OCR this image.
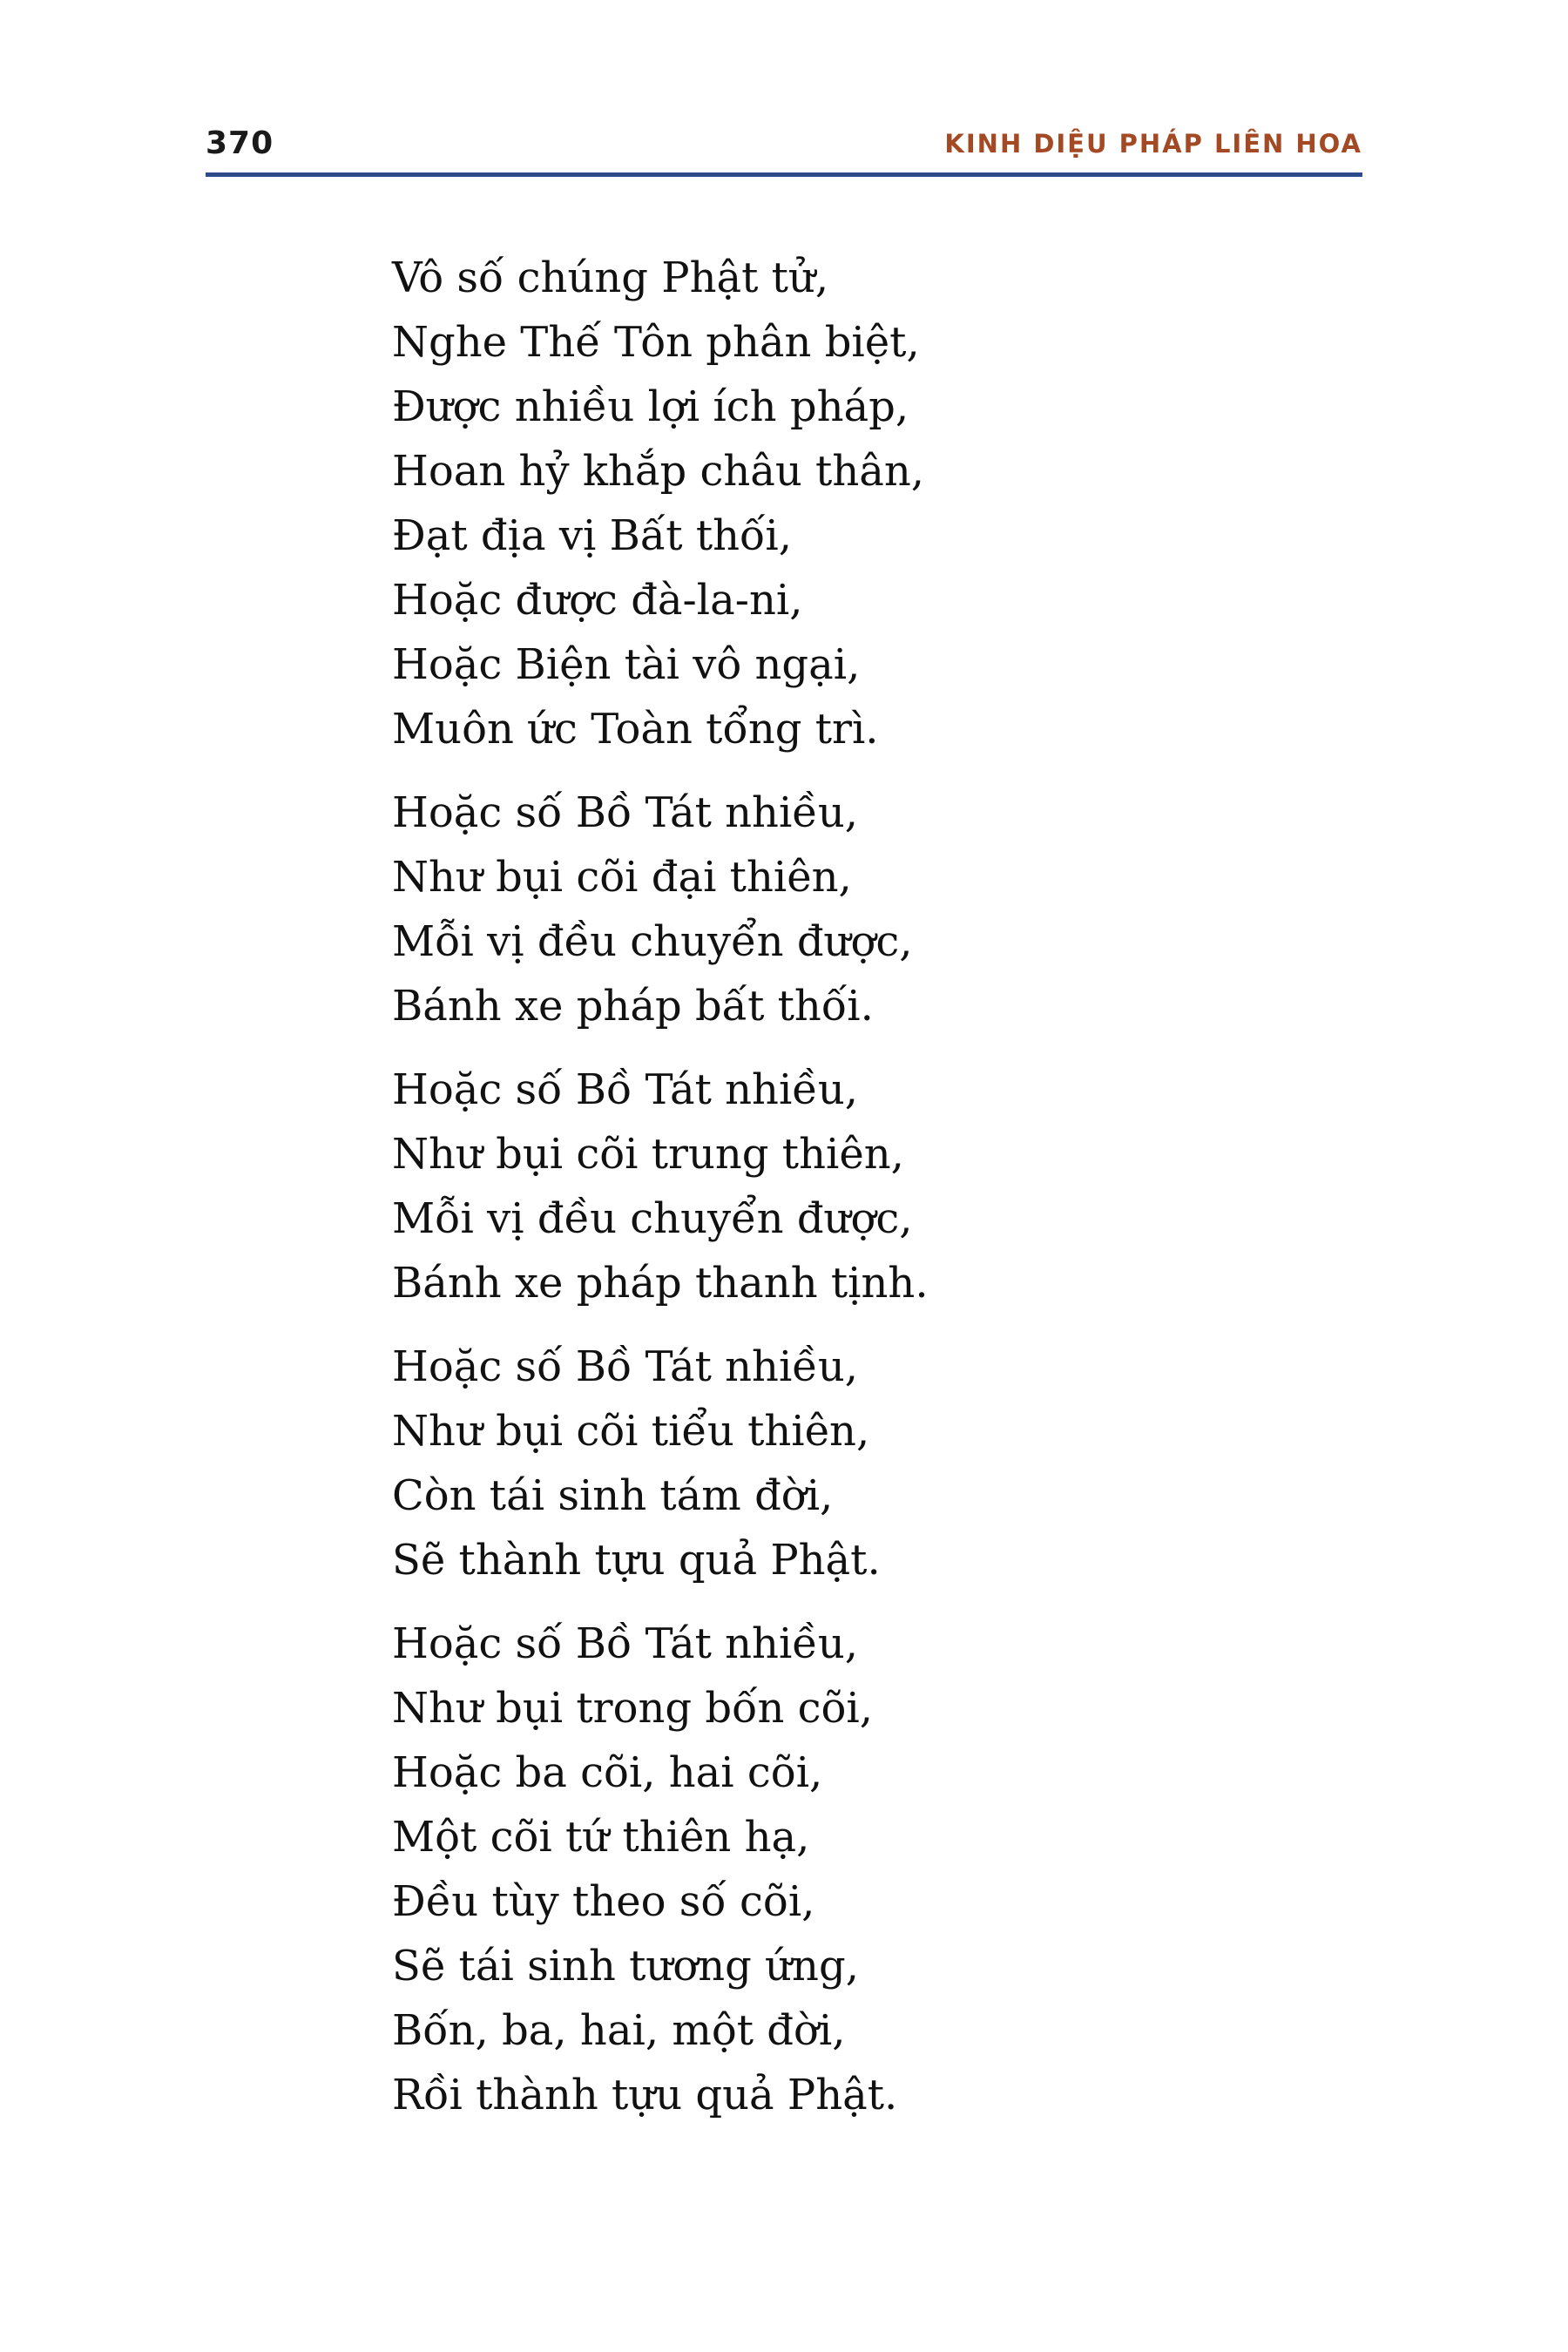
370	KINH DIỆU PHÁP LIÊN HOA
Vô số chúng Phật tử,
Nghe Thế Tôn phân biệt,
Được nhiều lợi ích pháp,
Hoan hỷ khắp châu thân,
Đạt địa vị Bất thối,
Hoặc được đà-la-ni,
Hoặc Biện tài vô ngại,
Muôn ức Toàn tổng trì.
Hoặc số Bồ Tát nhiều,
Như bụi cõi đại thiên,
Mỗi vị đều chuyển được,
Bánh xe pháp bất thối.
Hoặc số Bồ Tát nhiều,
Như bụi cõi trung thiên,
Mỗi vị đều chuyển được,
Bánh xe pháp thanh tịnh.
Hoặc số Bồ Tát nhiều,
Như bụi cõi tiểu thiên,
Còn tái sinh tám đời,
Sẽ thành tựu quả Phật.
Hoặc số Bồ Tát nhiều,
Như bụi trong bốn cõi,
Hoặc ba cõi, hai cõi,
Một cõi tứ thiên hạ,
Đều tùy theo số cõi,
Sẽ tái sinh tương ứng,
Bốn, ba, hai, một đời,
Rồi thành tựu quả Phật.
